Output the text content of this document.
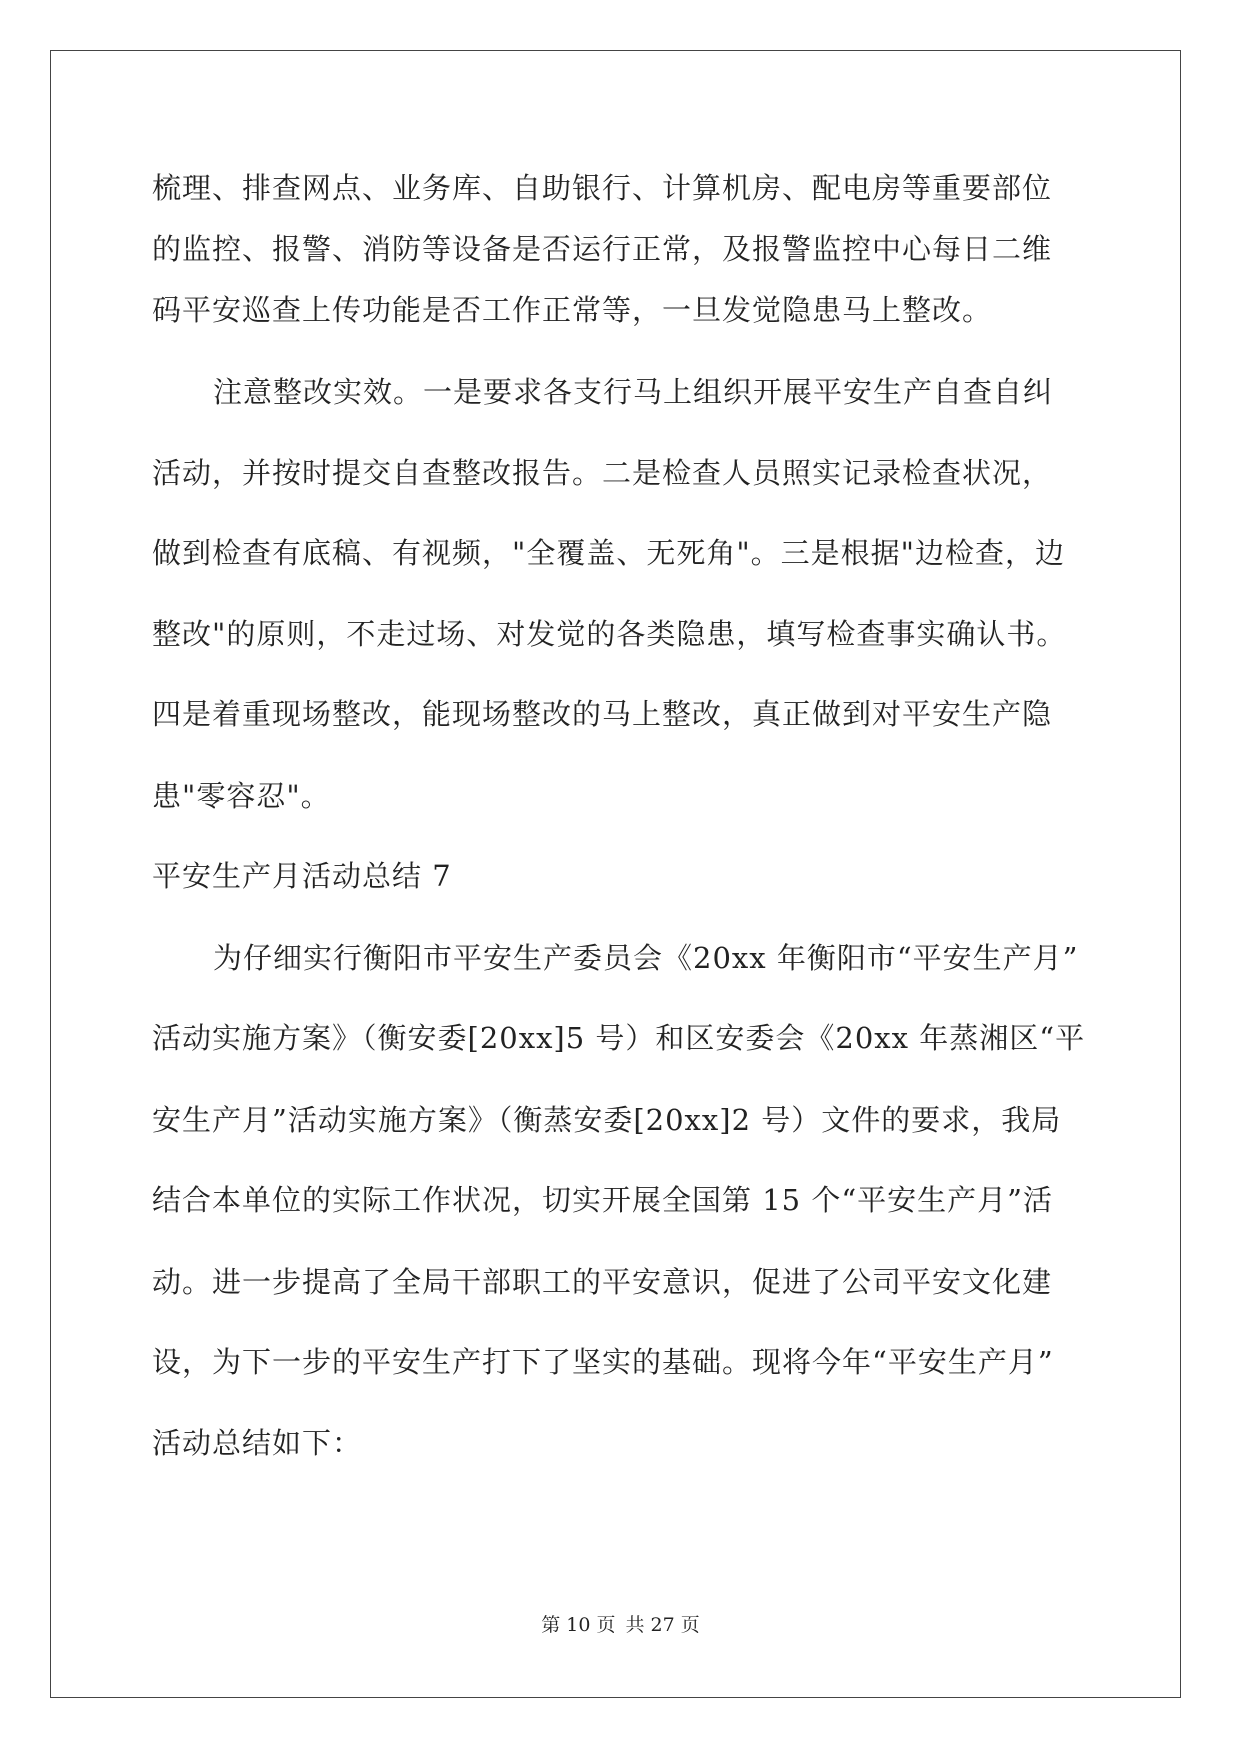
梳理、排查网点、业务库、自助银行、计算机房、配电房等重要部位
的监控、报警、消防等设备是否运行正常，及报警监控中心每日二维
码平安巡查上传功能是否工作正常等，一旦发觉隐患马上整改。
注意整改实效。一是要求各支行马上组织开展平安生产自查自纠
活动，并按时提交自查整改报告。二是检查人员照实记录检查状况，
做到检查有底稿、有视频，"全覆盖、无死角"。三是根据"边检查，边
整改"的原则，不走过场、对发觉的各类隐患，填写检查事实确认书。
四是着重现场整改，能现场整改的马上整改，真正做到对平安生产隐
患"零容忍"。
平安生产月活动总结 7
为仔细实行衡阳市平安生产委员会《20xx 年衡阳市“平安生产月”
活动实施方案》（衡安委[20xx]5 号）和区安委会《20xx 年蒸湘区“平
安生产月”活动实施方案》（衡蒸安委[20xx]2 号）文件的要求，我局
结合本单位的实际工作状况，切实开展全国第 15 个“平安生产月”活
动。进一步提高了全局干部职工的平安意识，促进了公司平安文化建
设，为下一步的平安生产打下了坚实的基础。现将今年“平安生产月”
活动总结如下：
第 10 页 共 27 页
